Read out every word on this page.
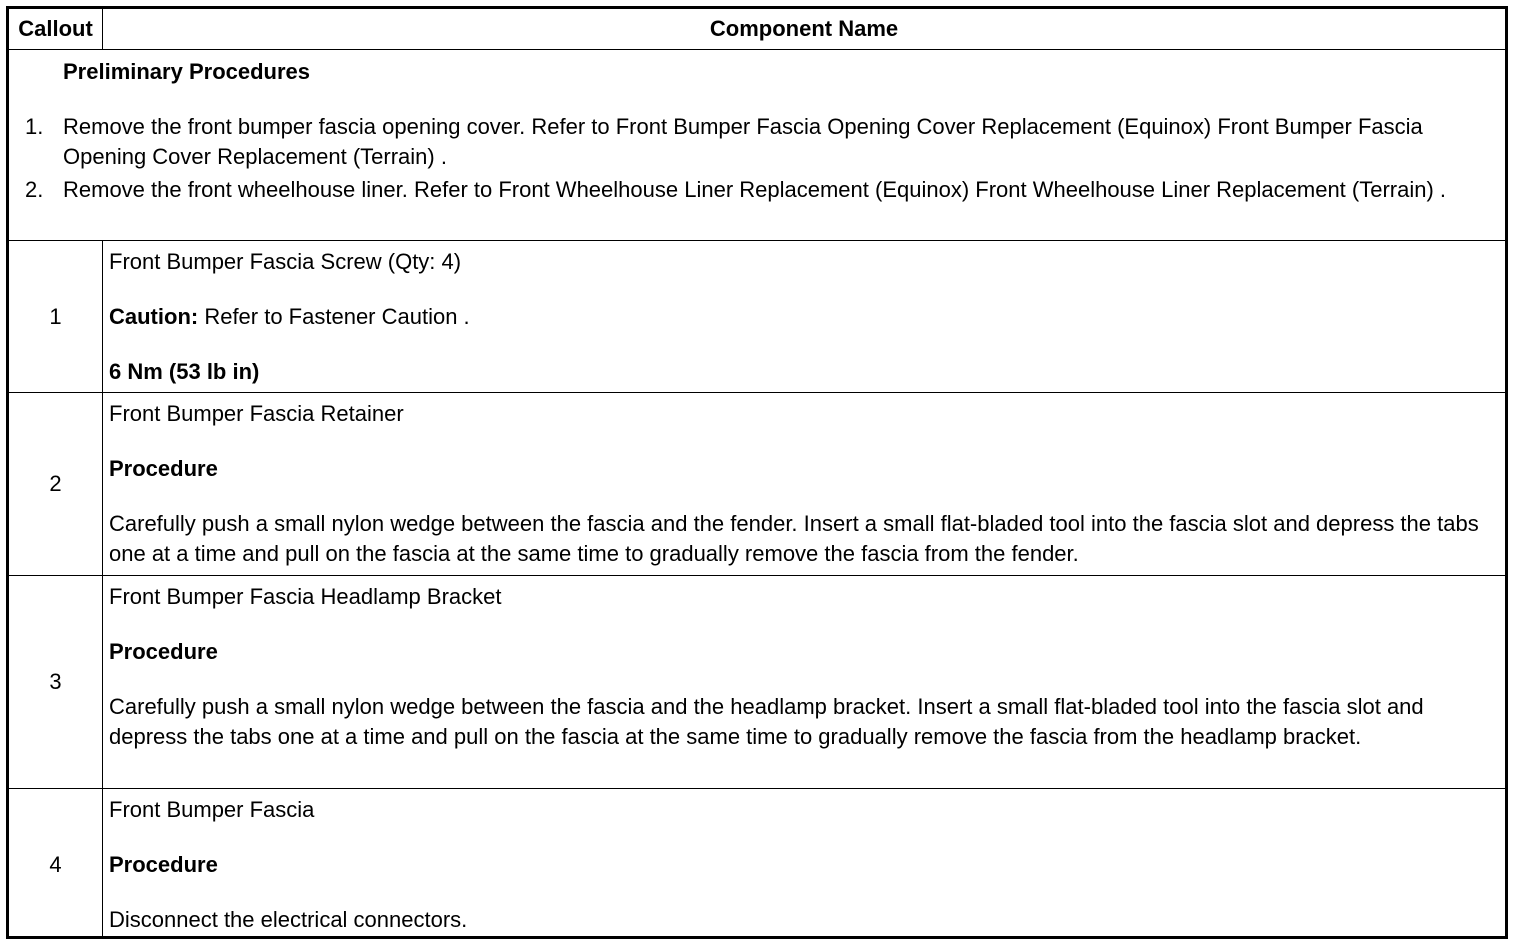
Callout	Component Name
Preliminary Procedures
1. Remove the front bumper fascia opening cover. Refer to Front Bumper Fascia Opening Cover Replacement (Equinox) Front Bumper Fascia Opening Cover Replacement (Terrain) .
2. Remove the front wheelhouse liner. Refer to Front Wheelhouse Liner Replacement (Equinox) Front Wheelhouse Liner Replacement (Terrain) .
1

Front Bumper Fascia Screw (Qty: 4)

Caution: Refer to Fastener Caution .

6 Nm (53 lb in)

2

Front Bumper Fascia Retainer

Procedure

Carefully push a small nylon wedge between the fascia and the fender. Insert a small flat-bladed tool into the fascia slot and depress the tabs one at a time and pull on the fascia at the same time to gradually remove the fascia from the fender.

3

Front Bumper Fascia Headlamp Bracket

Procedure

Carefully push a small nylon wedge between the fascia and the headlamp bracket. Insert a small flat-bladed tool into the fascia slot and depress the tabs one at a time and pull on the fascia at the same time to gradually remove the fascia from the headlamp bracket.

4

Front Bumper Fascia

Procedure

Disconnect the electrical connectors.
